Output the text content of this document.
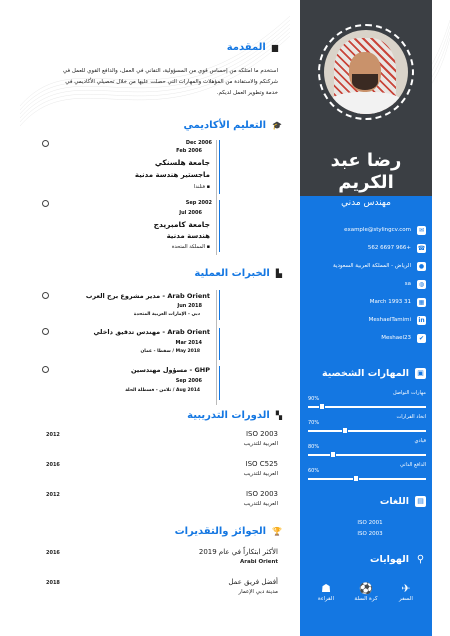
رضا عبد الكريم
مهندس مدني
✉
example@stylingcv.com
☎
+966 6697 562
●
الرياض - المملكة العربية السعودية
◍
sa
▦
March 1993 31
in
MeshaelTamimi
✔
Meshael23
▣
المهارات الشخصية
مهارات التواصل
90%
اتخاذ القرارات
70%
قيادي
80%
الدافع الذاتي
60%
▤
اللغات
ISO 2001
ISO 2003
⚲
الهوايات
✈
السفر
⚽
كرة السلة
☗
القراءة
▆
المقدمة
استخدم ما امتلكه من إحساس قوي من المسؤولية، التفاني في العمل، والدافع القوي للعمل في شركتكم والاستفادة من المؤهلات والمهارات التي حصلت عليها من خلال تحصيلي الأكاديمي في خدمة وتطوير العمل لديكم.
🎓
التعليم الأكاديمي
Dec 2006
Feb 2006
جامعة هلسنكي
ماجستير هندسة مدنية
▪ فنلندا
Sep 2002
Jul 2006
جامعة كامبريدج
هندسة مدنية
▪ المملكة المتحدة
▙
الخبرات العملية
Arab Orient - مدير مشروع برج العرب
Jun 2018
دبي - الإمارات العربية المتحدة
Arab Orient - مهندس تدقيق داخلي
Mar 2014
May 2018 / سقطا - عمان
GHP - مسؤول مهندسين
Sep 2006
Aug 2014 / تلامن - قسطلة الحلة
▚
الدورات التدريبية
2012	ISO 2003
العربية للتدريب
2016	ISO C525
العربية للتدريب
2012	ISO 2003
العربية للتدريب
🏆
الجوائز والتقديرات
2016	الأكثر ابتكاراً في عام 2019
Arabi Orient
2018	أفضل فريق عمل
مدينة دبي الإعمار
